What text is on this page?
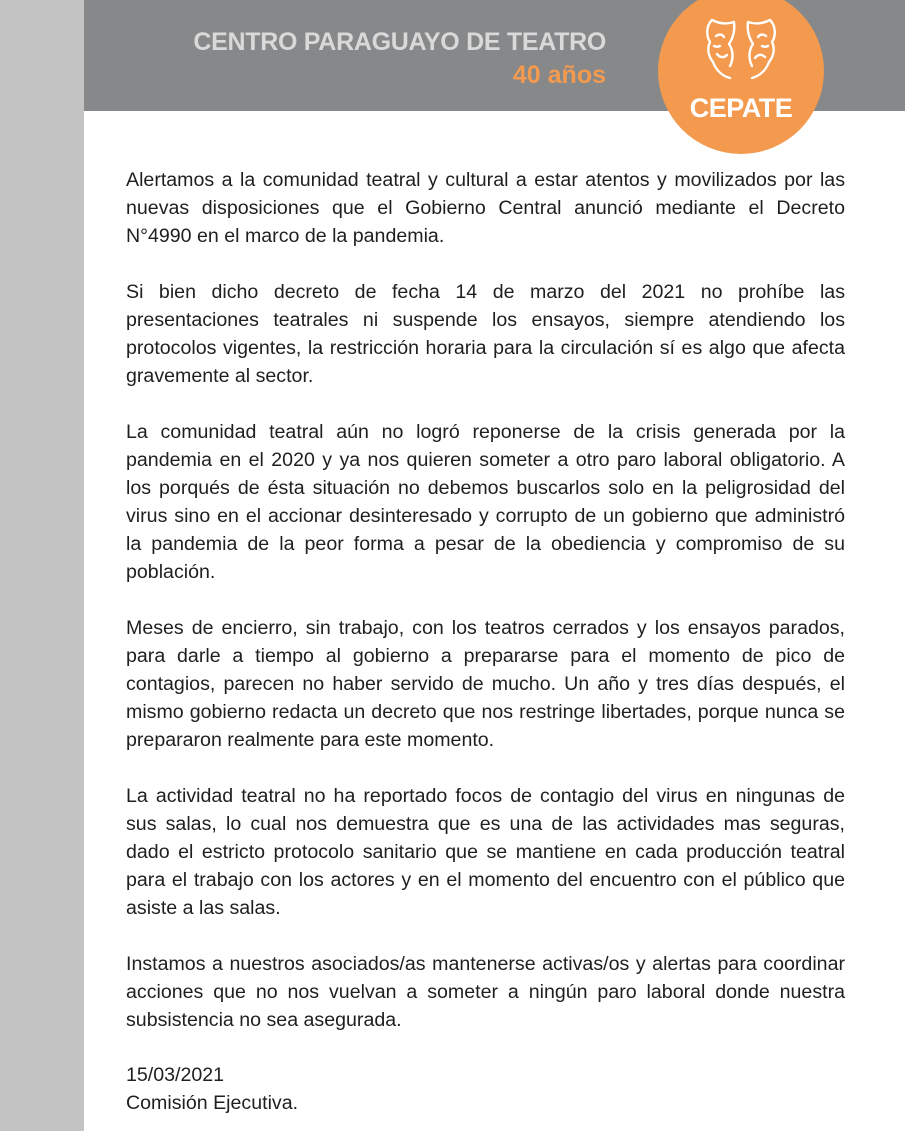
CENTRO PARAGUAYO DE TEATRO
40 años
CEPATE

Alertamos a la comunidad teatral y cultural a estar atentos y movilizados por las nuevas disposiciones que el Gobierno Central anunció mediante el Decreto N°4990 en el marco de la pandemia.

Si bien dicho decreto de fecha 14 de marzo del 2021 no prohíbe las presentaciones teatrales ni suspende los ensayos, siempre atendiendo los protocolos vigentes, la restricción horaria para la circulación sí es algo que afecta gravemente al sector.

La comunidad teatral aún no logró reponerse de la crisis generada por la pandemia en el 2020 y ya nos quieren someter a otro paro laboral obligatorio. A los porqués de ésta situación no debemos buscarlos solo en la peligrosidad del virus sino en el accionar desinteresado y corrupto de un gobierno que administró la pandemia de la peor forma a pesar de la obediencia y compromiso de su población.

Meses de encierro, sin trabajo, con los teatros cerrados y los ensayos parados, para darle a tiempo al gobierno a prepararse para el momento de pico de contagios, parecen no haber servido de mucho. Un año y tres días después, el mismo gobierno redacta un decreto que nos restringe libertades, porque nunca se prepararon realmente para este momento.

La actividad teatral no ha reportado focos de contagio del virus en ningunas de sus salas, lo cual nos demuestra que es una de las actividades mas seguras, dado el estricto protocolo sanitario que se mantiene en cada producción teatral para el trabajo con los actores y en el momento del encuentro con el público que asiste a las salas.

Instamos a nuestros asociados/as mantenerse activas/os y alertas para coordinar acciones que no nos vuelvan a someter a ningún paro laboral donde nuestra subsistencia no sea asegurada.

15/03/2021
Comisión Ejecutiva.
